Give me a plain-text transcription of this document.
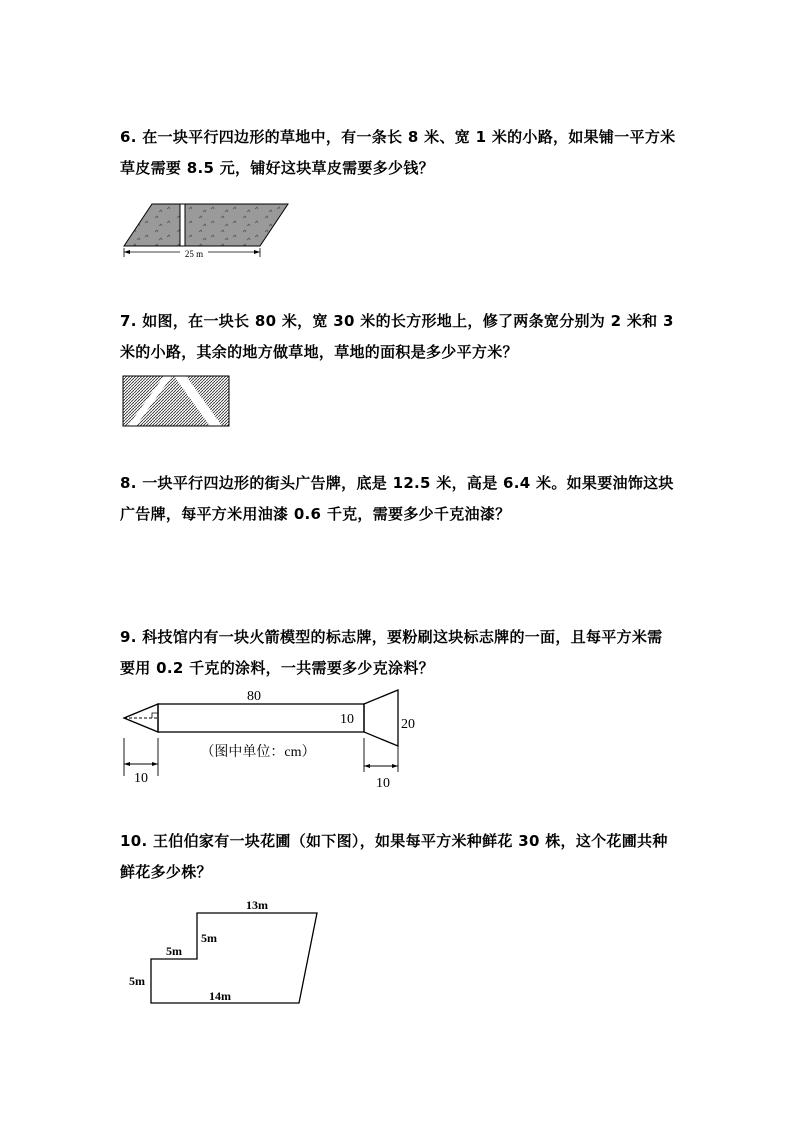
6. 在一块平行四边形的草地中，有一条长 8 米、宽 1 米的小路，如果铺一平方米草皮需要 8.5 元，铺好这块草皮需要多少钱？
25 m
7. 如图，在一块长 80 米，宽 30 米的长方形地上，修了两条宽分别为 2 米和 3 米的小路，其余的地方做草地，草地的面积是多少平方米？
8. 一块平行四边形的街头广告牌，底是 12.5 米，高是 6.4 米。如果要油饰这块广告牌，每平方米用油漆 0.6 千克，需要多少千克油漆？
9. 科技馆内有一块火箭模型的标志牌，要粉刷这块标志牌的一面，且每平方米需要用 0.2 千克的涂料，一共需要多少克涂料？
80
10	20
（图中单位：cm）
10	10
10. 王伯伯家有一块花圃（如下图），如果每平方米种鲜花 30 株，这个花圃共种鲜花多少株？
13m
5m
5m
5m
14m
